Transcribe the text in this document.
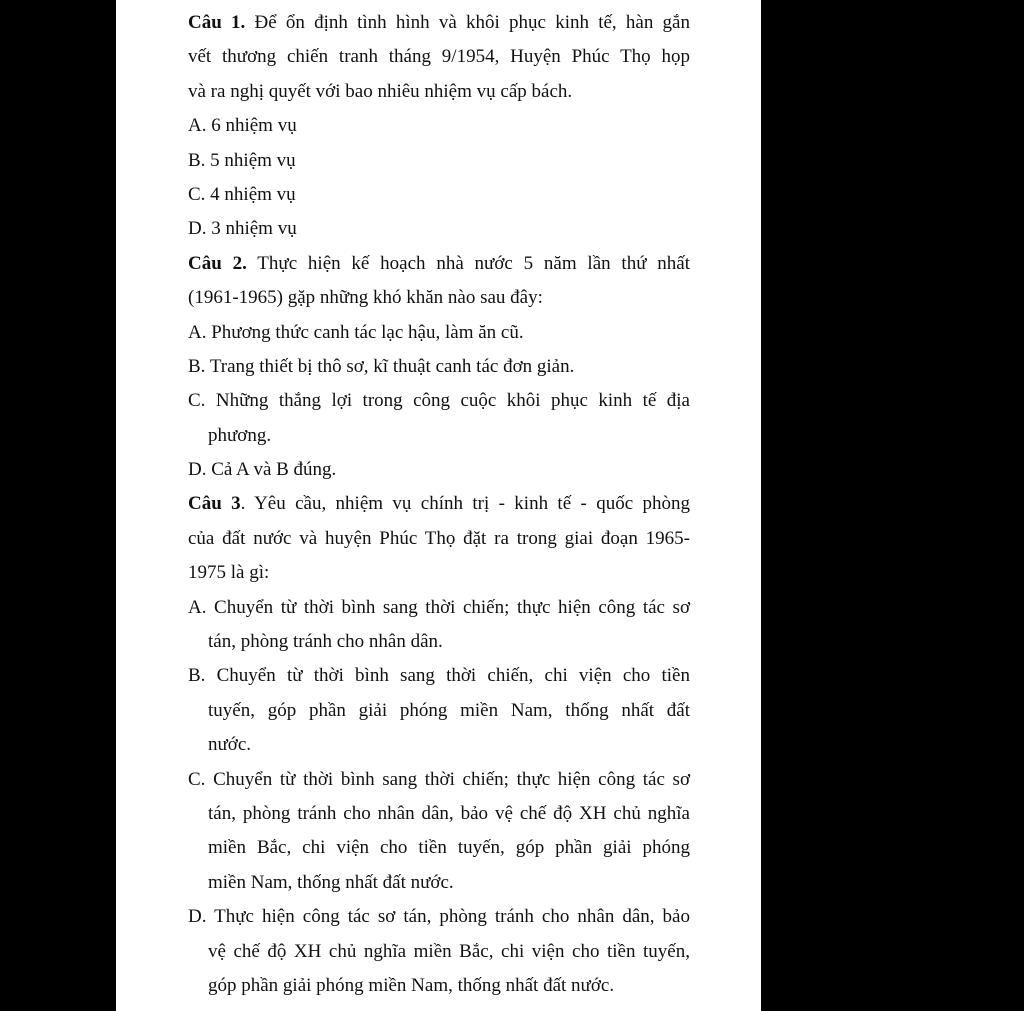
Câu 1. Để ổn định tình hình và khôi phục kinh tế, hàn gắn
vết thương chiến tranh tháng 9/1954, Huyện Phúc Thọ họp
và ra nghị quyết với bao nhiêu nhiệm vụ cấp bách.
A. 6 nhiệm vụ
B. 5 nhiệm vụ
C. 4 nhiệm vụ
D. 3 nhiệm vụ
Câu 2. Thực hiện kế hoạch nhà nước 5 năm lần thứ nhất
(1961-1965) gặp những khó khăn nào sau đây:
A. Phương thức canh tác lạc hậu, làm ăn cũ.
B. Trang thiết bị thô sơ, kĩ thuật canh tác đơn giản.
C. Những thắng lợi trong công cuộc khôi phục kinh tế địa
phương.
D. Cả A và B đúng.
Câu 3. Yêu cầu, nhiệm vụ chính trị - kinh tế - quốc phòng
của đất nước và huyện Phúc Thọ đặt ra trong giai đoạn 1965-
1975 là gì:
A. Chuyển từ thời bình sang thời chiến; thực hiện công tác sơ
tán, phòng tránh cho nhân dân.
B. Chuyển từ thời bình sang thời chiến, chi viện cho tiền
tuyến, góp phần giải phóng miền Nam, thống nhất đất
nước.
C. Chuyển từ thời bình sang thời chiến; thực hiện công tác sơ
tán, phòng tránh cho nhân dân, bảo vệ chế độ XH chủ nghĩa
miền Bắc, chi viện cho tiền tuyến, góp phần giải phóng
miền Nam, thống nhất đất nước.
D. Thực hiện công tác sơ tán, phòng tránh cho nhân dân, bảo
vệ chế độ XH chủ nghĩa miền Bắc, chi viện cho tiền tuyến,
góp phần giải phóng miền Nam, thống nhất đất nước.
